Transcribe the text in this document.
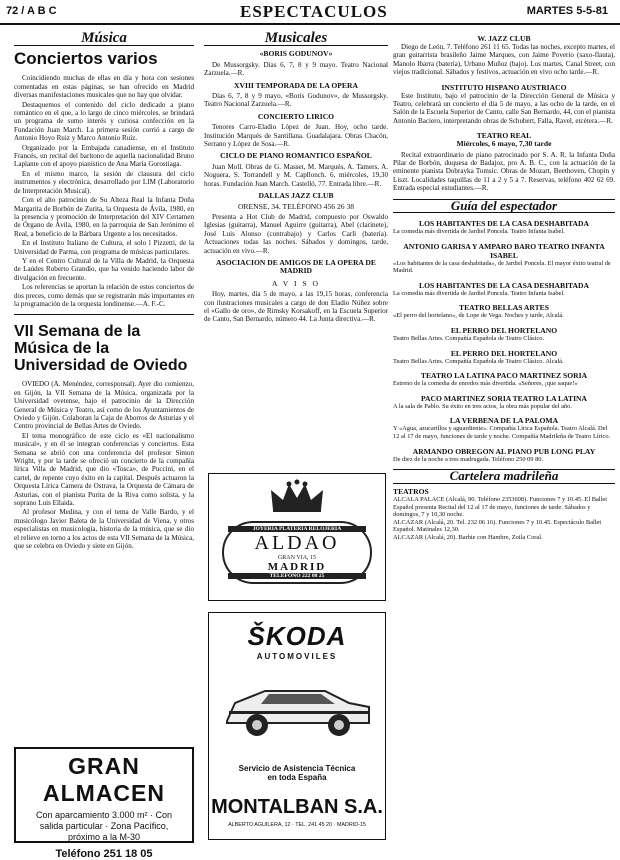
72 / A B C	ESPECTACULOS	MARTES 5-5-81
Música
Conciertos varios

Coincidiendo muchas de ellas en día y hora con sesiones comentadas en estas páginas, se han ofrecido en Madrid diversas manifestaciones musicales que no hay que olvidar.

Destaquemos el contenido del ciclo dedicado a piano romántico en el que, a lo largo de cinco miércoles, se brindará un programa de sumo interés y curiosa confección en la Fundación Juan March. La primera sesión corrió a cargo de Antonio Hoyo Ruiz y Marco Antonio Ruiz.

Organizado por la Embajada canadiense, en el Instituto Francés, un recital del barítono de aquella nacionalidad Bruno Laplante con el apoyo pianístico de Ana María Gorostiaga.

En el mismo marco, la sesión de clausura del ciclo instrumentos y electrónica, desarrollado por LIM (Laboratorio de Interpretación Musical).

Con el alto patrocinio de Su Alteza Real la Infanta Doña Margarita de Borbón de Zurita, la Orquesta de Ávila, 1980, en la presencia y promoción de Interpretación del XIV Certamen de Órgano de Ávila, 1980, en la parroquia de San Jerónimo el Real, a beneficio de la Bárbara Urgente a los necesitados.

En el Instituto Italiano de Cultura, el solo l Pizzetti, de la Universidad de Parma, con programa de músicas particulares.

Y en el Centro Cultural de la Villa de Madrid, la Orquesta de Laúdes Roberto Grandío, que ha venido haciendo labor de divulgación en frecuente.

Los referencias se aportan la relación de estos conciertos de dos preces, como demás que se registrarán más importantes en la programación de la orquesta londinense.—A. F.-C.

VII Semana de la Música de la Universidad de Oviedo

OVIEDO (A. Menéndez, corresponsal). Ayer dio comienzo, en Gijón, la VII Semana de la Música, organizada por la Universidad ovetense, bajo el patrocinio de la Dirección General de Música y Teatro, así como de los Ayuntamientos de Oviedo y Gijón. Colaboran la Caja de Ahorros de Asturias y el Centro provincial de Bellas Artes de Oviedo.

El tema monográfico de este ciclo es «El nacionalismo musical», y en él se integran conferencias y conciertos. Esta Semana se abrió con una conferencia del profesor Simon Wright, y por la tarde se ofreció un concierto de la compañía lírica Villa de Madrid, que dio «Tosca», de Puccini, en el cartel, de repente cuyo éxito en la capital. Después actuaron la Orquesta Lírica Camera de Ostrava, la Orquesta de Cámara de Asturias, con el pianista Purita de la Riva como solista, y la soprano Luis Ellaida.

Al profesor Medina, y con el tema de Valle Bardo, y el musicólogo Javier Baleta de la Universidad de Viena, y otros especialistas en musicología, historia de la música, que se dio el relieve en torno a los actos de esta VII Semana de la Música, que se celebra en Oviedo y siete en Gijón.

GRAN ALMACEN
Con aparcamiento 3.000 m² · Con salida particular · Zona Pacífico, próximo a la M-30
Teléfono 251 18 05
Musicales
«BORIS GODUNOV»

De Mussorgsky. Días 6, 7, 8 y 9 mayo. Teatro Nacional Zarzuela.—R.

XVIII TEMPORADA DE LA OPERA

Días 6, 7, 8 y 9 mayo. «Boris Godunov», de Mussorgsky. Teatro Nacional Zarzuela.—R.

CONCIERTO LIRICO

Tenores Carro-Eladio López de Juan. Hoy, ocho tarde. Institución Marqués de Santillana. Guadalajara. Obras Chacón, Serrano y López de Sosa.—R.

CICLO DE PIANO ROMANTICO ESPAÑOL

Juan Moll. Obras de G. Masset, M. Marqués, A. Tamers, A. Noguera, S. Torrandell y M. Capllonch. 6, miércoles, 19,30 horas. Fundación Juan March. Castelló, 77. Entrada libre.—R.

DALLAS JAZZ CLUB
ORENSE, 34. TELÉFONO 456 26 38

Presenta a Hot Club de Madrid, compuesto por Oswaldo Iglesias (guitarra), Manuel Aguirre (guitarra), Abel (clarinete), José Luis Alonso (contrabajo) y Carlos Carli (batería). Actuaciones todas las noches. Sábados y domingos, tarde, actuación en vivo.—R.

ASOCIACION DE AMIGOS DE LA OPERA DE MADRID
A V I S O

Hoy, martes, día 5 de mayo, a las 19,15 horas, conferencia con ilustraciones musicales a cargo de don Eladio Núñez sobre el «Gallo de oro», de Rimsky Korsakoff, en la Escuela Superior de Canto, San Bernardo, número 44. La Junta directiva.—R.

JOYERIA PLATERIA RELOJERIA
ALDAO
GRAN VIA, 15
MADRID
TELEFONO 222 08 25
ŠKODA
AUTOMOVILES
Servicio de Asistencia Técnica
en toda España
MONTALBAN S.A.
ALBERTO AGUILERA, 12 · TEL. 241 45 20 · MADRID-15
W. JAZZ CLUB

Diego de León, 7. Teléfono 261 11 65. Todas las noches, excepto martes, el gran guitarrista brasileño Jaime Marques, con Jaime Poverio (saxo-flauta), Manolo Ibarra (batería), Urbano Muñoz (bajo). Los martes, Canal Street, con viejos tradicional. Sábados y festivos, actuación en vivo ocho tarde.—R.

INSTITUTO HISPANO AUSTRIACO

Este Instituto, bajo el patrocinio de la Dirección General de Música y Teatro, celebrará un concierto el día 5 de mayo, a las ocho de la tarde, en el Salón de la Escuela Superior de Canto, calle San Bernardo, 44, con el pianista Antonio Baciero, interpretando obras de Schubert, Falla, Ravel, etcétera.—R.

TEATRO REAL
Miércoles, 6 mayo, 7,30 tarde

Recital extraordinario de piano patrocinado por S. A. R. la Infanta Doña Pilar de Borbón, duquesa de Badajoz, pro A. B. C., con la actuación de la eminente pianista Dobrayka Tomsic. Obras de Mozart, Beethoven, Chopin y Liszt. Localidades taquillas de 11 a 2 y 5 a 7. Reservas, teléfono 402 62 69. Entrada especial estudiantes.—R.

Guía del espectador
LOS HABITANTES DE LA CASA DESHABITADA

La comedia más divertida de Jardiel Poncela. Teatro Infanta Isabel.

ANTONIO GARISA Y AMPARO BARO TEATRO INFANTA ISABEL

«Los habitantes de la casa deshabitada», de Jardiel Poncela. El mayor éxito teatral de Madrid.

LOS HABITANTES DE LA CASA DESHABITADA

La comedia más divertida de Jardiel Poncela. Teatro Infanta Isabel.

TEATRO BELLAS ARTES

«El perro del hortelano», de Lope de Vega. Noches y tarde, Alcalá.

EL PERRO DEL HORTELANO

Teatro Bellas Artes. Compañía Española de Teatro Clásico.

EL PERRO DEL HORTELANO

Teatro Bellas Artes. Compañía Española de Teatro Clásico. Alcalá.

TEATRO LA LATINA PACO MARTINEZ SORIA

Estreno de la comedia de enredos más divertida. «Señores, ¡que saque!»

PACO MARTINEZ SORIA TEATRO LA LATINA

A la sala de Pablo. Su éxito en tres actos, la obra más popular del año.

LA VERBENA DE LA PALOMA

Y «Agua, azucarillos y aguardiente». Compañía Lírica Española. Teatro Alcalá. Del 12 al 17 de mayo, funciones de tarde y noche. Compañía Madrileña de Teatro Lírico.

ARMANDO OBREGON AL PIANO PUB LONG PLAY

De diez de la noche a tres madrugada. Teléfono 250 09 80.

Cartelera madrileña
TEATROS

ALCALA PALACE (Alcalá, 90. Teléfono 2353608). Funciones 7 y 10.45. El Ballet Español presenta Recital del 12 al 17 de mayo, funciones de tarde. Sábados y domingos, 7 y 10,30 noche.

ALCAZAR (Alcalá, 20. Tel. 232 06 16). Funciones 7 y 10.45. Espectáculo Ballet Español. Matinales 12,30.

ALCAZAR (Alcalá, 20). Barbie con Hambre, Zoila Coral.
